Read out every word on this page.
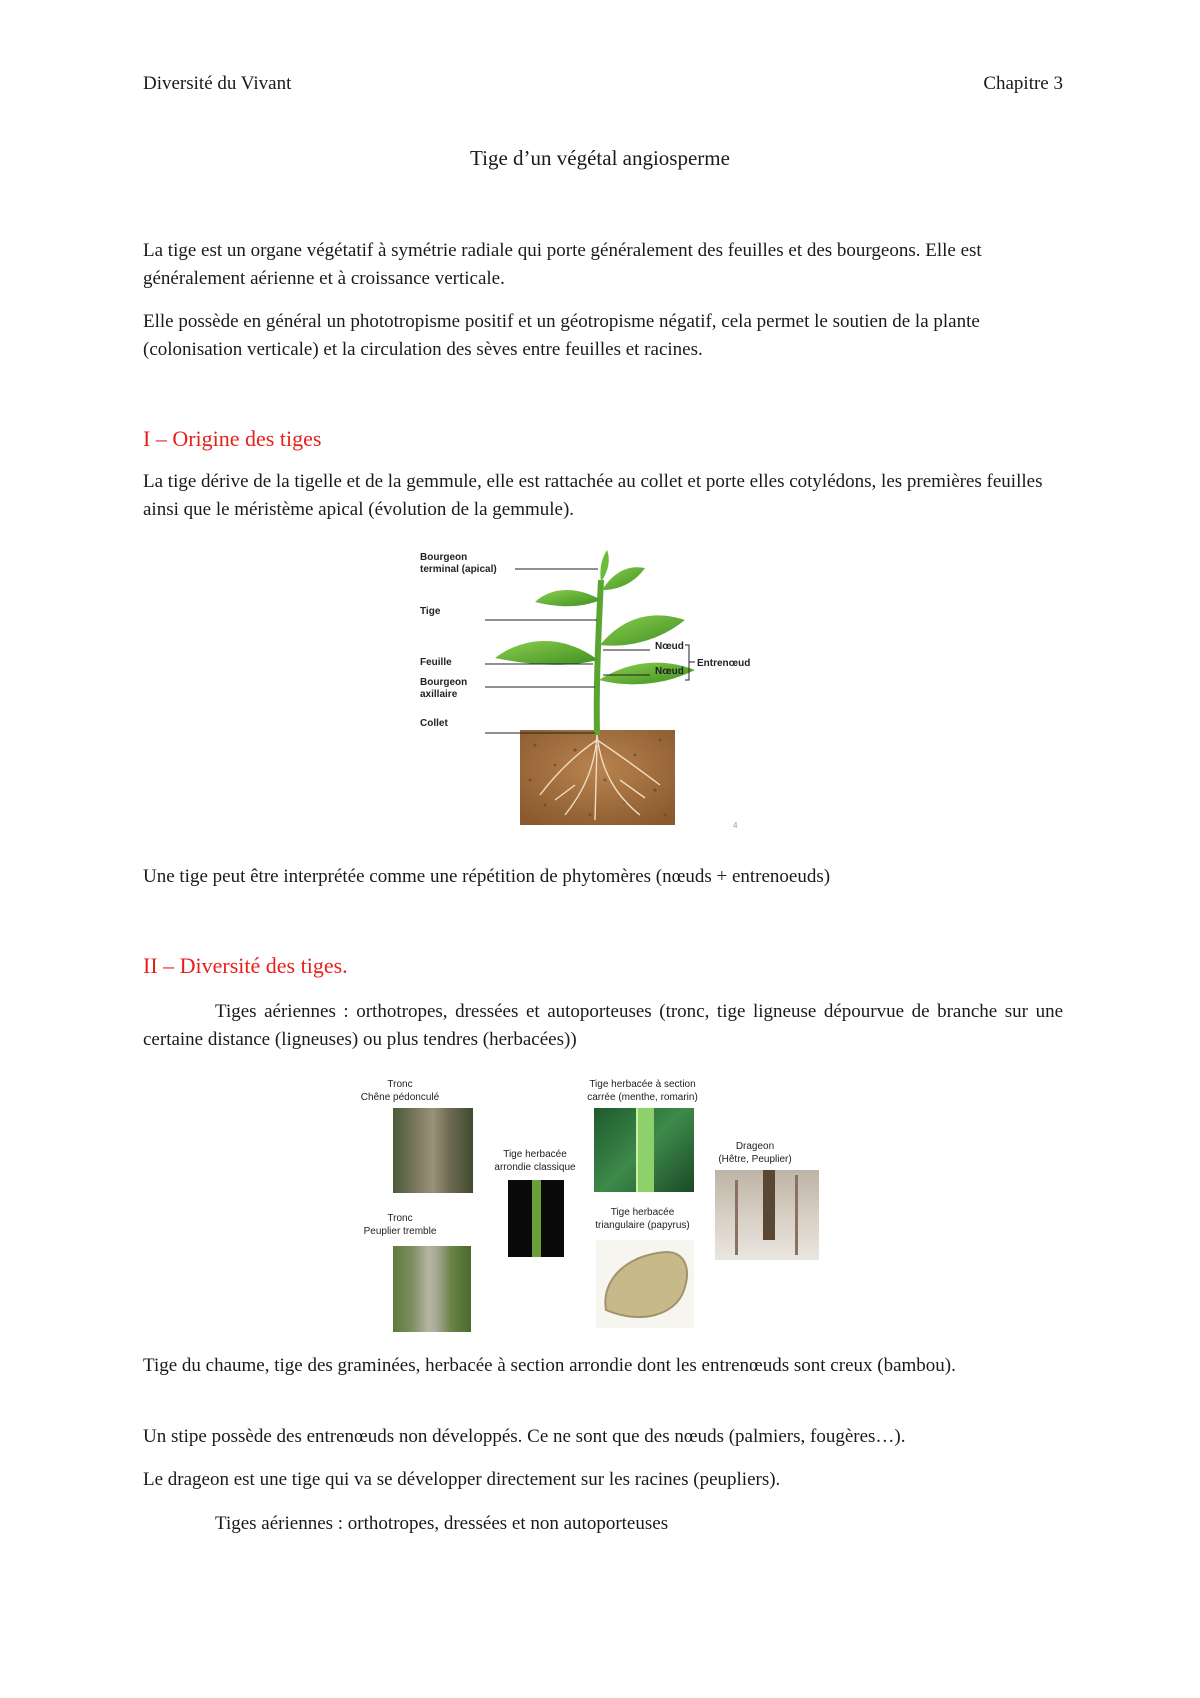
Diversité du Vivant	Chapitre 3
Tige d’un végétal angiosperme
La tige est un organe végétatif à symétrie radiale qui porte généralement des feuilles et des bourgeons. Elle est généralement aérienne et à croissance verticale.
Elle possède en général un phototropisme positif et un géotropisme négatif, cela permet le soutien de la plante (colonisation verticale) et la circulation des sèves entre feuilles et racines.
I – Origine des tiges
La tige dérive de la tigelle et de la gemmule, elle est rattachée au collet et porte elles cotylédons, les premières feuilles ainsi que le méristème apical (évolution de la gemmule).
Bourgeon
terminal (apical)
Tige
Feuille
Bourgeon
axillaire
Collet
Nœud
Nœud
Entrenœud
4
Une tige peut être interprétée comme une répétition de phytomères (nœuds + entrenoeuds)
II – Diversité des tiges.
Tiges aériennes : orthotropes, dressées et autoporteuses (tronc, tige ligneuse dépourvue de branche sur une certaine distance (ligneuses) ou plus tendres (herbacées))
Tronc
Chêne pédonculé
Tronc
Peuplier tremble
Tige herbacée
arrondie classique
Tige herbacée à section
carrée (menthe, romarin)
Tige herbacée
triangulaire (papyrus)
Drageon
(Hêtre, Peuplier)
Tige du chaume, tige des graminées, herbacée à section arrondie dont les entrenœuds sont creux (bambou).
Un stipe possède des entrenœuds non développés. Ce ne sont que des nœuds (palmiers, fougères…).
Le drageon est une tige qui va se développer directement sur les racines (peupliers).
Tiges aériennes : orthotropes, dressées et non autoporteuses
